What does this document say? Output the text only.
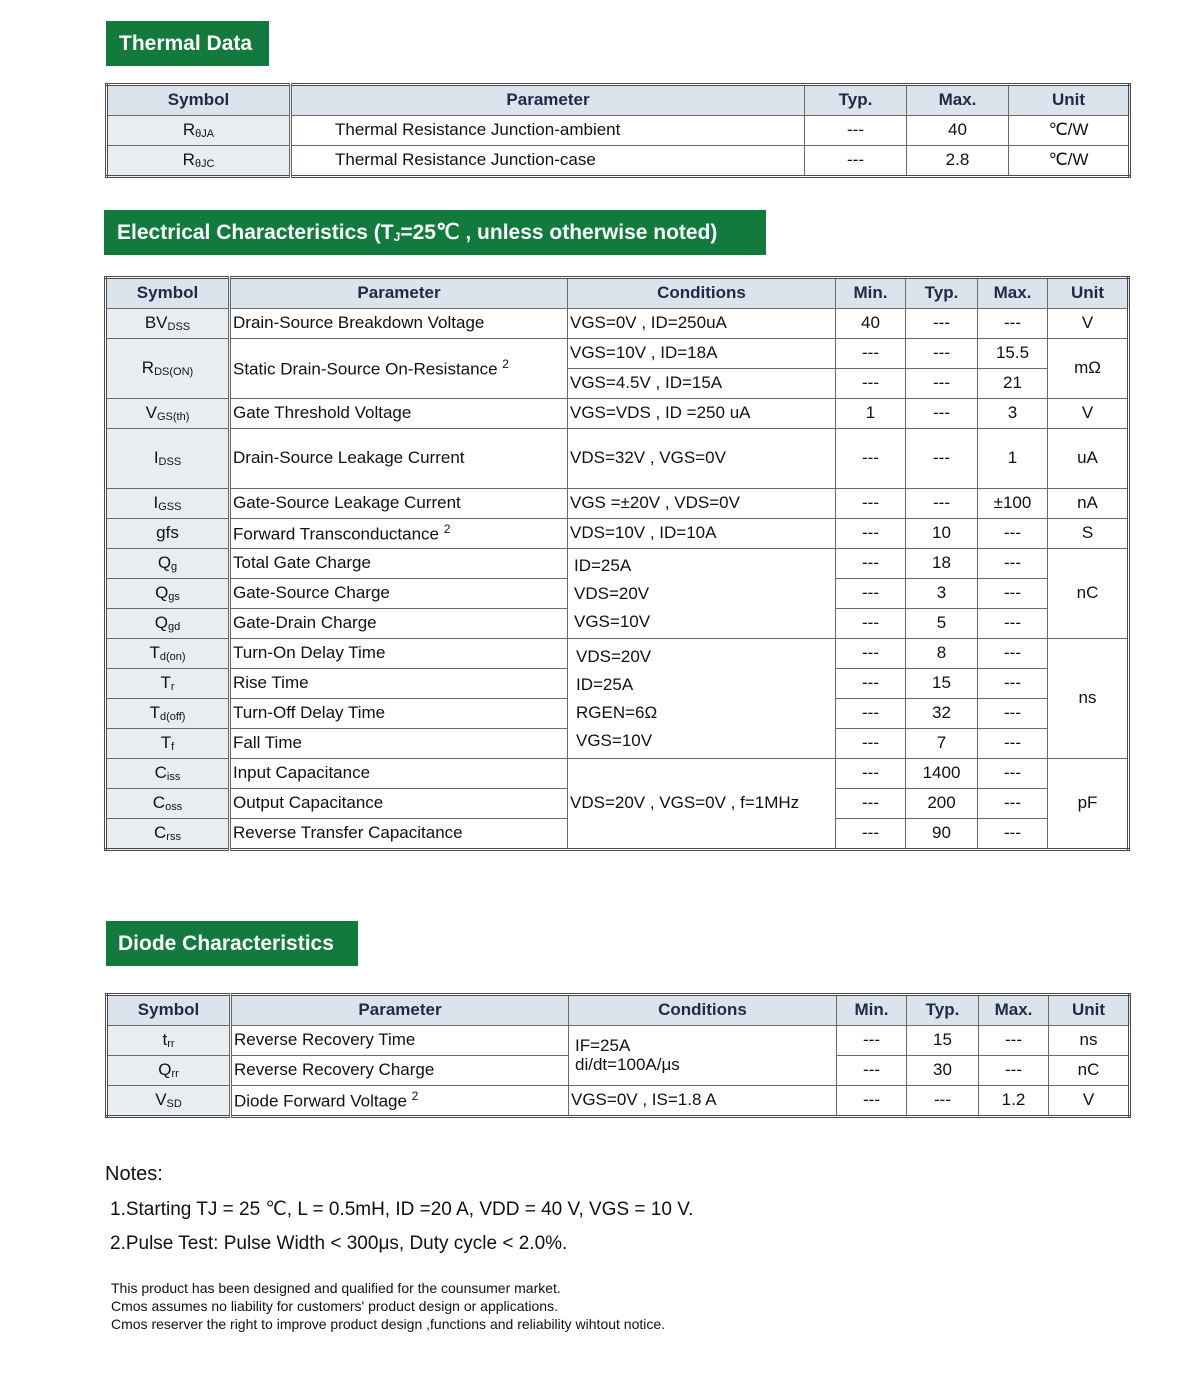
Thermal Data
Symbol	Parameter	Typ.	Max.	Unit
$R_{\theta JA}$	Thermal Resistance Junction-ambient	---	40	℃/W
$R_{\theta JC}$	Thermal Resistance Junction-case	---	2.8	℃/W
Electrical Characteristics ($T_J=25℃$ , unless otherwise noted)
Symbol	Parameter	Conditions	Min.	Typ.	Max.	Unit
$BV_{DSS}$	Drain-Source Breakdown Voltage	VGS=0V , ID=250uA	40	---	---	V
$R_{DS(ON)}$	Static Drain-Source On-Resistance $^2$	VGS=10V , ID=18A	---	---	15.5	mΩ
		VGS=4.5V , ID=15A	---	---	21	
$V_{GS(th)}$	Gate Threshold Voltage	VGS=VDS , ID =250 uA	1	---	3	V
$I_{DSS}$	Drain-Source Leakage Current	VDS=32V , VGS=0V	---	---	1	uA
$I_{GSS}$	Gate-Source Leakage Current	VGS =±20V , VDS=0V	---	---	±100	nA
gfs	Forward Transconductance $^2$	VDS=10V , ID=10A	---	10	---	S
$Q_g$	Total Gate Charge	ID=25A
VDS=20V
VGS=10V	---	18	---	nC
$Q_{gs}$	Gate-Source Charge		---	3	---	
$Q_{gd}$	Gate-Drain Charge		---	5	---	
$T_{d(on)}$	Turn-On Delay Time	VDS=20V
ID=25A
RGEN=6Ω
VGS=10V	---	8	---	ns
$T_r$	Rise Time		---	15	---	
$T_{d(off)}$	Turn-Off Delay Time		---	32	---	
$T_f$	Fall Time		---	7	---	
$C_{iss}$	Input Capacitance	VDS=20V , VGS=0V , f=1MHz	---	1400	---	pF
$C_{oss}$	Output Capacitance		---	200	---	
$C_{rss}$	Reverse Transfer Capacitance		---	90	---	
Diode Characteristics
Symbol	Parameter	Conditions	Min.	Typ.	Max.	Unit
$t_{rr}$	Reverse Recovery Time	IF=25A
di/dt=100A/μs	---	15	---	ns
$Q_{rr}$	Reverse Recovery Charge		---	30	---	nC
$V_{SD}$	Diode Forward Voltage $^2$	VGS=0V , IS=1.8 A	---	---	1.2	V
Notes:
1.Starting TJ = 25 ℃, L = 0.5mH, ID =20 A, VDD = 40 V, VGS = 10 V.
2.Pulse Test: Pulse Width < 300μs, Duty cycle < 2.0%.
This product has been designed and qualified for the counsumer market.
Cmos assumes no liability for customers' product design or applications.
Cmos reserver the right to improve product design ,functions and reliability wihtout notice.
